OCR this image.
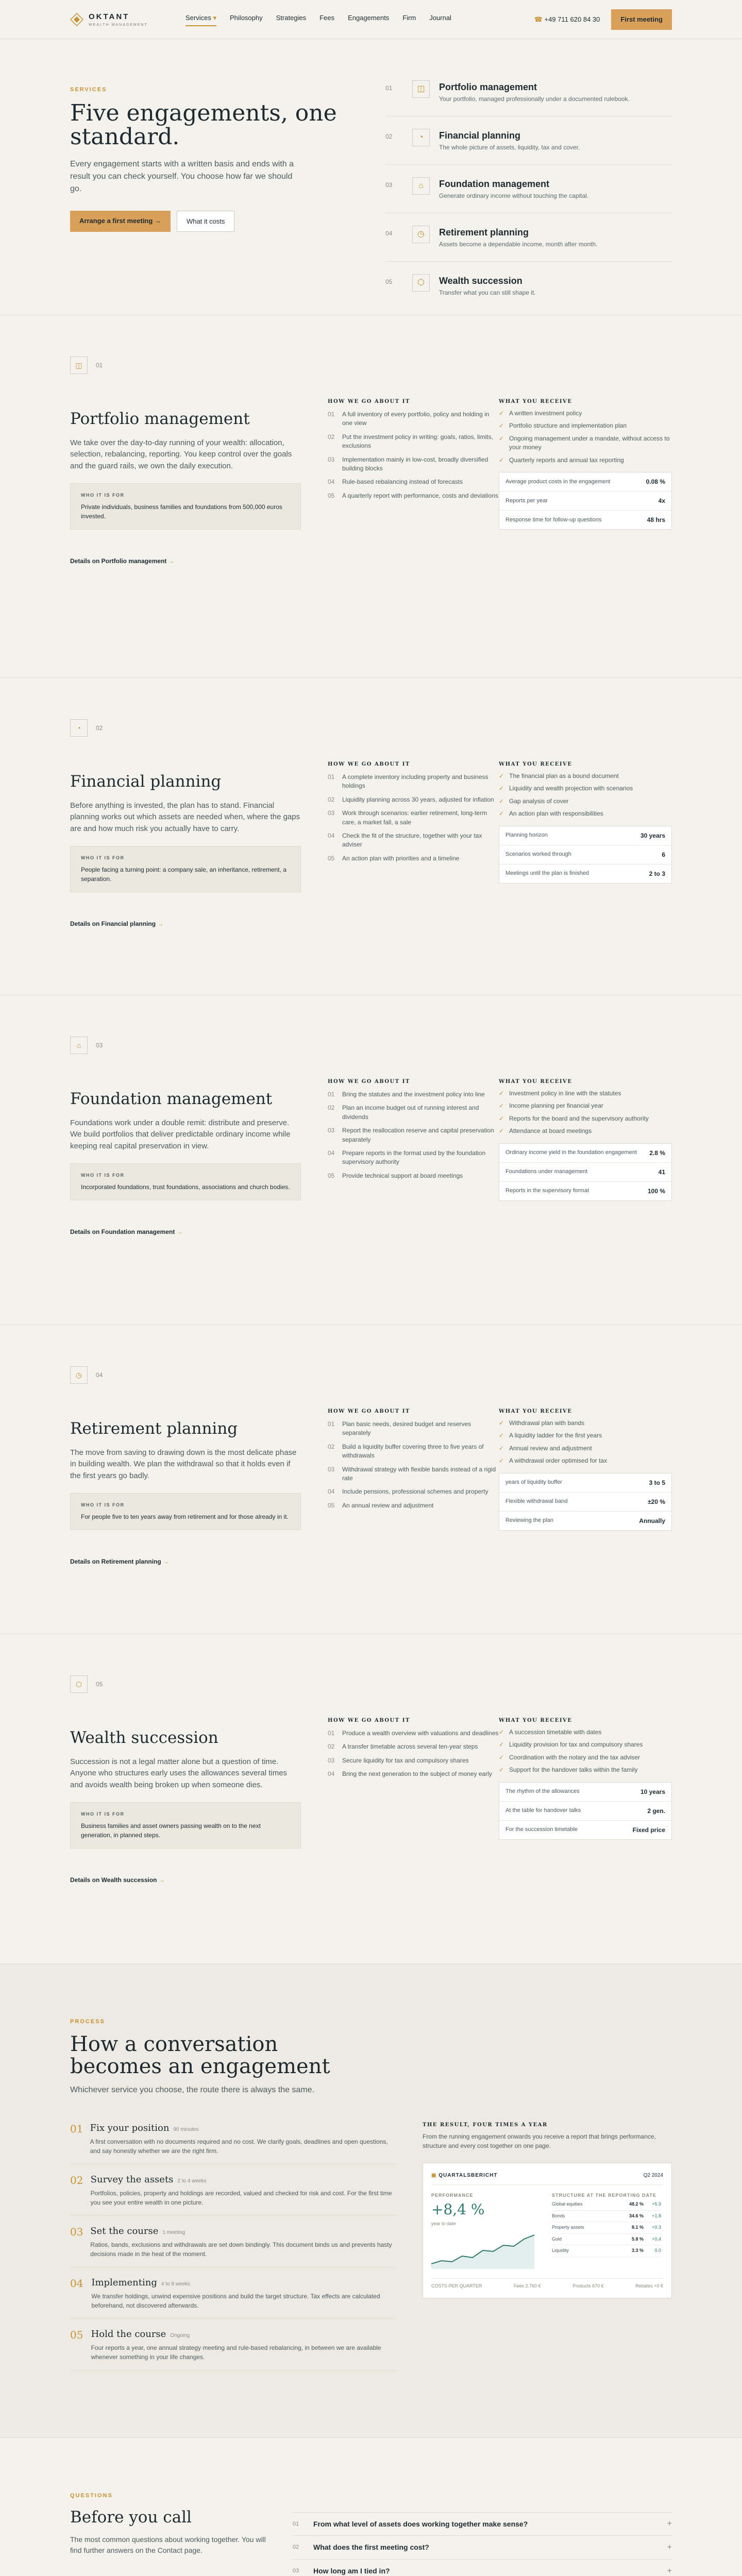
OKTANT
WEALTH MANAGEMENT
Services ▾ Philosophy Strategies Fees Engagements Firm Journal	☎ +49 711 620 84 30	First meeting
SERVICES
Five engagements, one standard.

Every engagement starts with a written basis and ends with a result you can check yourself. You choose how far we should go.

Arrange a first meeting →	What it costs
01	◫	Portfolio management
Your portfolio, managed professionally under a documented rulebook.
02	◔	Financial planning
The whole picture of assets, liquidity, tax and cover.
03	⌂	Foundation management
Generate ordinary income without touching the capital.
04	◷	Retirement planning
Assets become a dependable income, month after month.
05	⬡	Wealth succession
Transfer what you can still shape it.
◫	01
Portfolio management

We take over the day-to-day running of your wealth: allocation, selection, rebalancing, reporting. You keep control over the goals and the guard rails, we own the daily execution.

WHO IT IS FOR
Private individuals, business families and foundations from 500,000 euros invested.
Details on Portfolio management →
HOW WE GO ABOUT IT
01	A full inventory of every portfolio, policy and holding in one view
02	Put the investment policy in writing: goals, ratios, limits, exclusions
03	Implementation mainly in low-cost, broadly diversified building blocks
04	Rule-based rebalancing instead of forecasts
05	A quarterly report with performance, costs and deviations
WHAT YOU RECEIVE
✓ A written investment policy
✓ Portfolio structure and implementation plan
✓ Ongoing management under a mandate, without access to your money
✓ Quarterly reports and annual tax reporting
Average product costs in the engagement	0.08 %
Reports per year	4x
Response time for follow-up questions	48 hrs
◔	02
Financial planning

Before anything is invested, the plan has to stand. Financial planning works out which assets are needed when, where the gaps are and how much risk you actually have to carry.

WHO IT IS FOR
People facing a turning point: a company sale, an inheritance, retirement, a separation.
Details on Financial planning →
HOW WE GO ABOUT IT
01	A complete inventory including property and business holdings
02	Liquidity planning across 30 years, adjusted for inflation
03	Work through scenarios: earlier retirement, long-term care, a market fall, a sale
04	Check the fit of the structure, together with your tax adviser
05	An action plan with priorities and a timeline
WHAT YOU RECEIVE
✓ The financial plan as a bound document
✓ Liquidity and wealth projection with scenarios
✓ Gap analysis of cover
✓ An action plan with responsibilities
Planning horizon	30 years
Scenarios worked through	6
Meetings until the plan is finished	2 to 3
⌂	03
Foundation management

Foundations work under a double remit: distribute and preserve. We build portfolios that deliver predictable ordinary income while keeping real capital preservation in view.

WHO IT IS FOR
Incorporated foundations, trust foundations, associations and church bodies.
Details on Foundation management →
HOW WE GO ABOUT IT
01	Bring the statutes and the investment policy into line
02	Plan an income budget out of running interest and dividends
03	Report the reallocation reserve and capital preservation separately
04	Prepare reports in the format used by the foundation supervisory authority
05	Provide technical support at board meetings
WHAT YOU RECEIVE
✓ Investment policy in line with the statutes
✓ Income planning per financial year
✓ Reports for the board and the supervisory authority
✓ Attendance at board meetings
Ordinary income yield in the foundation engagement 2.8 %
Foundations under management	41
Reports in the supervisory format	100 %
◷	04
Retirement planning

The move from saving to drawing down is the most delicate phase in building wealth. We plan the withdrawal so that it holds even if the first years go badly.

WHO IT IS FOR
For people five to ten years away from retirement and for those already in it.
Details on Retirement planning →
HOW WE GO ABOUT IT
01	Plan basic needs, desired budget and reserves separately
02	Build a liquidity buffer covering three to five years of withdrawals
03	Withdrawal strategy with flexible bands instead of a rigid rate
04	Include pensions, professional schemes and property
05	An annual review and adjustment
WHAT YOU RECEIVE
✓ Withdrawal plan with bands
✓ A liquidity ladder for the first years
✓ Annual review and adjustment
✓ A withdrawal order optimised for tax
years of liquidity buffer	3 to 5
Flexible withdrawal band	±20 %
Reviewing the plan	Annually
⬡	05
Wealth succession

Succession is not a legal matter alone but a question of time. Anyone who structures early uses the allowances several times and avoids wealth being broken up when someone dies.

WHO IT IS FOR
Business families and asset owners passing wealth on to the next generation, in planned steps.
Details on Wealth succession →
HOW WE GO ABOUT IT
01	Produce a wealth overview with valuations and deadlines
02	A transfer timetable across several ten-year steps
03	Secure liquidity for tax and compulsory shares
04	Bring the next generation to the subject of money early
WHAT YOU RECEIVE
✓ A succession timetable with dates
✓ Liquidity provision for tax and compulsory shares
✓ Coordination with the notary and the tax adviser
✓ Support for the handover talks within the family
The rhythm of the allowances	10 years
At the table for handover talks	2 gen.
For the succession timetable	Fixed price
PROCESS
How a conversation becomes an engagement

Whichever service you choose, the route there is always the same.

01 Fix your position 90 minutes
A first conversation with no documents required and no cost. We clarify goals, deadlines and open questions, and say honestly whether we are the right firm.
02 Survey the assets 2 to 4 weeks
Portfolios, policies, property and holdings are recorded, valued and checked for risk and cost. For the first time you see your entire wealth in one picture.
03 Set the course 1 meeting
Ratios, bands, exclusions and withdrawals are set down bindingly. This document binds us and prevents hasty decisions made in the heat of the moment.
04 Implementing 4 to 8 weeks
We transfer holdings, unwind expensive positions and build the target structure. Tax effects are calculated beforehand, not discovered afterwards.
05 Hold the course Ongoing
Four reports a year, one annual strategy meeting and rule-based rebalancing, in between we are available whenever something in your life changes.
THE RESULT, FOUR TIMES A YEAR

From the running engagement onwards you receive a report that brings performance, structure and every cost together on one page.

▣ QUARTALSBERICHT	Q2 2024
PERFORMANCE
+8,4 %
year to date
STRUCTURE AT THE REPORTING DATE
Global equities	48.2 %	+5.9
Bonds	34.6 %	+1.8
Property assets	8.1 %	+0.3
Gold	5.8 %	+0.4
Liquidity	3.3 %	0.0
COSTS PER QUARTER	Fees 2.760 €	Products 670 €	Rebates +0 €
QUESTIONS
Before you call

The most common questions about working together. You will find further answers on the Contact page.

01	From what level of assets does working together make sense?	+
02	What does the first meeting cost?	+
03	How long am I tied in?	+
